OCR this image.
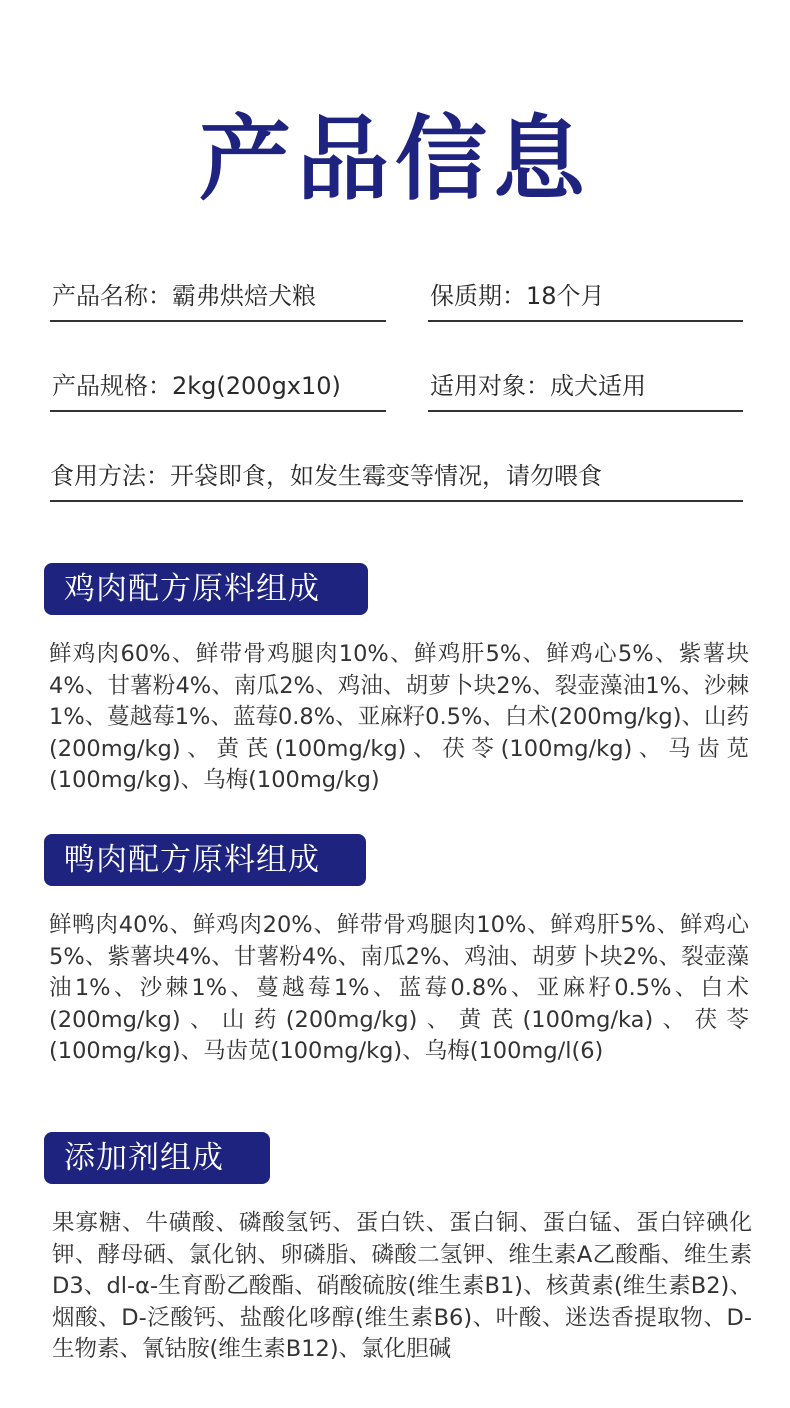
产品信息
产品名称：霸弗烘焙犬粮	保质期：18个月
产品规格：2kg(200gx10)	适用对象：成犬适用
食用方法：开袋即食，如发生霉变等情况，请勿喂食
鸡肉配方原料组成
鲜鸡肉60%、鲜带骨鸡腿肉10%、鲜鸡肝5%、鲜鸡心5%、紫薯块4%、甘薯粉4%、南瓜2%、鸡油、胡萝卜块2%、裂壶藻油1%、沙棘1%、蔓越莓1%、蓝莓0.8%、亚麻籽0.5%、白术(200mg/kg)、山药(200mg/kg)、黄芪(100mg/kg)、茯苓(100mg/kg)、马齿苋(100mg/kg)、乌梅(100mg/kg)
鸭肉配方原料组成
鲜鸭肉40%、鲜鸡肉20%、鲜带骨鸡腿肉10%、鲜鸡肝5%、鲜鸡心5%、紫薯块4%、甘薯粉4%、南瓜2%、鸡油、胡萝卜块2%、裂壶藻油1%、沙棘1%、蔓越莓1%、蓝莓0.8%、亚麻籽0.5%、白术(200mg/kg)、山药(200mg/kg)、黄芪(100mg/ka)、茯苓(100mg/kg)、马齿苋(100mg/kg)、乌梅(100mg/l(6)
添加剂组成
果寡糖、牛磺酸、磷酸氢钙、蛋白铁、蛋白铜、蛋白锰、蛋白锌碘化钾、酵母硒、氯化钠、卵磷脂、磷酸二氢钾、维生素A乙酸酯、维生素D3、dl-α-生育酚乙酸酯、硝酸硫胺(维生素B1)、核黄素(维生素B2)、烟酸、D-泛酸钙、盐酸化哆醇(维生素B6)、叶酸、迷迭香提取物、D-生物素、氰钴胺(维生素B12)、氯化胆碱
